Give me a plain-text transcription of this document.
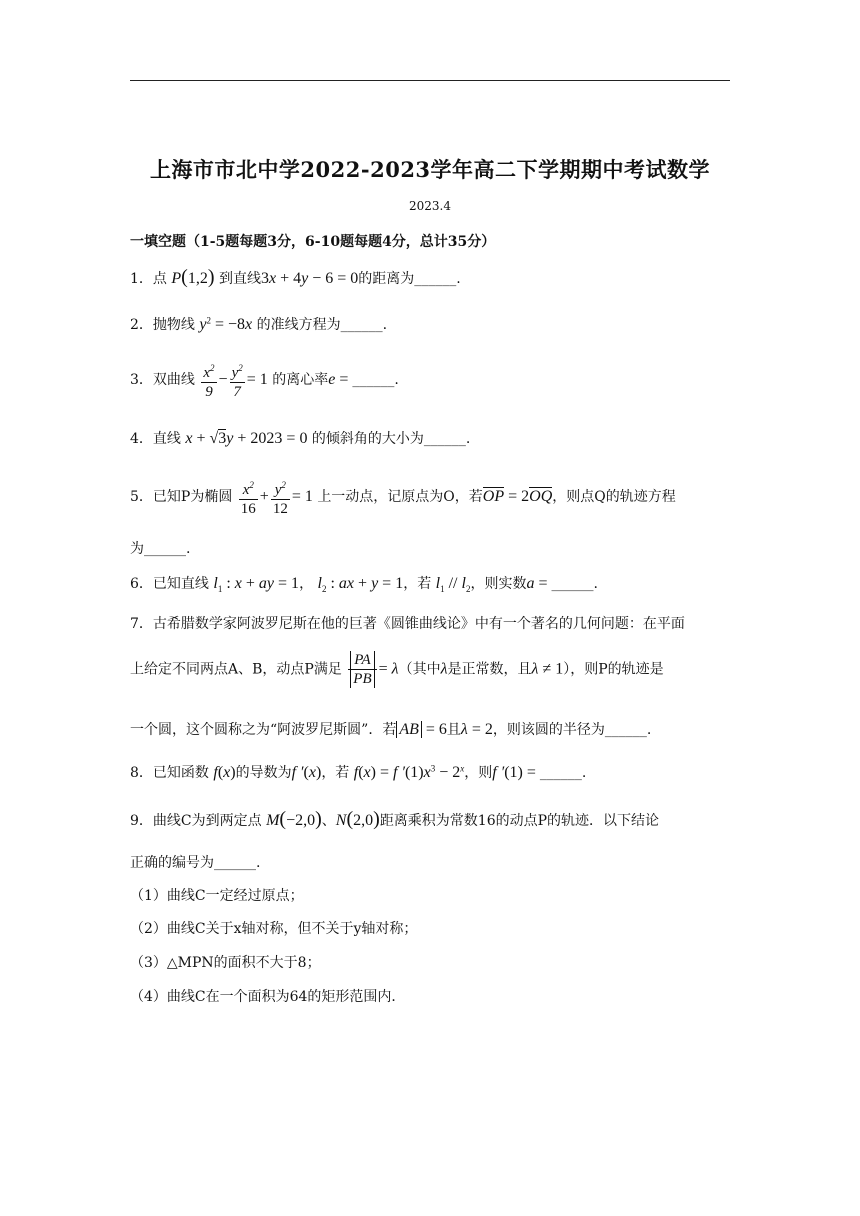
上海市市北中学2022-2023学年高二下学期期中考试数学
2023.4
一填空题（1-5题每题3分，6-10题每题4分，总计35分）
1．点 P(1,2) 到直线3x + 4y − 6 = 0的距离为______.
2．抛物线 $y^2 = -8x$ 的准线方程为______.
3．双曲线 $\frac{x^2}{9} - \frac{y^2}{7} = 1$ 的离心率e = ______.
4．直线 x + √3y + 2023 = 0 的倾斜角的大小为______.
5．已知P为椭圆 $\frac{x^2}{16} + \frac{y^2}{12} = 1$ 上一动点，记原点为O，若OP = 2OQ，则点Q的轨迹方程
为______.
6．已知直线 $l_1$ : x + ay = 1， $l_2$ : ax + y = 1，若 $l_1 // l_2$，则实数a = ______.
7．古希腊数学家阿波罗尼斯在他的巨著《圆锥曲线论》中有一个著名的几何问题：在平面
上给定不同两点A、B，动点P满足 $\frac{PA}{PB} = \lambda$（其中λ是正常数，且λ ≠ 1），则P的轨迹是
一个圆，这个圆称之为“阿波罗尼斯圆”．若 AB = 6且λ = 2，则该圆的半径为______.
8．已知函数 f(x)的导数为f ′(x)，若 f(x) = f $'(1)x^3 - 2^x$，则f ′(1) = ______.
9．曲线C为到两定点 M(−2,0)、N(2,0)距离乘积为常数16的动点P的轨迹．以下结论
正确的编号为______.
（1）曲线C一定经过原点；
（2）曲线C关于x轴对称，但不关于y轴对称；
（3）△MPN的面积不大于8；
（4）曲线C在一个面积为64的矩形范围内．
